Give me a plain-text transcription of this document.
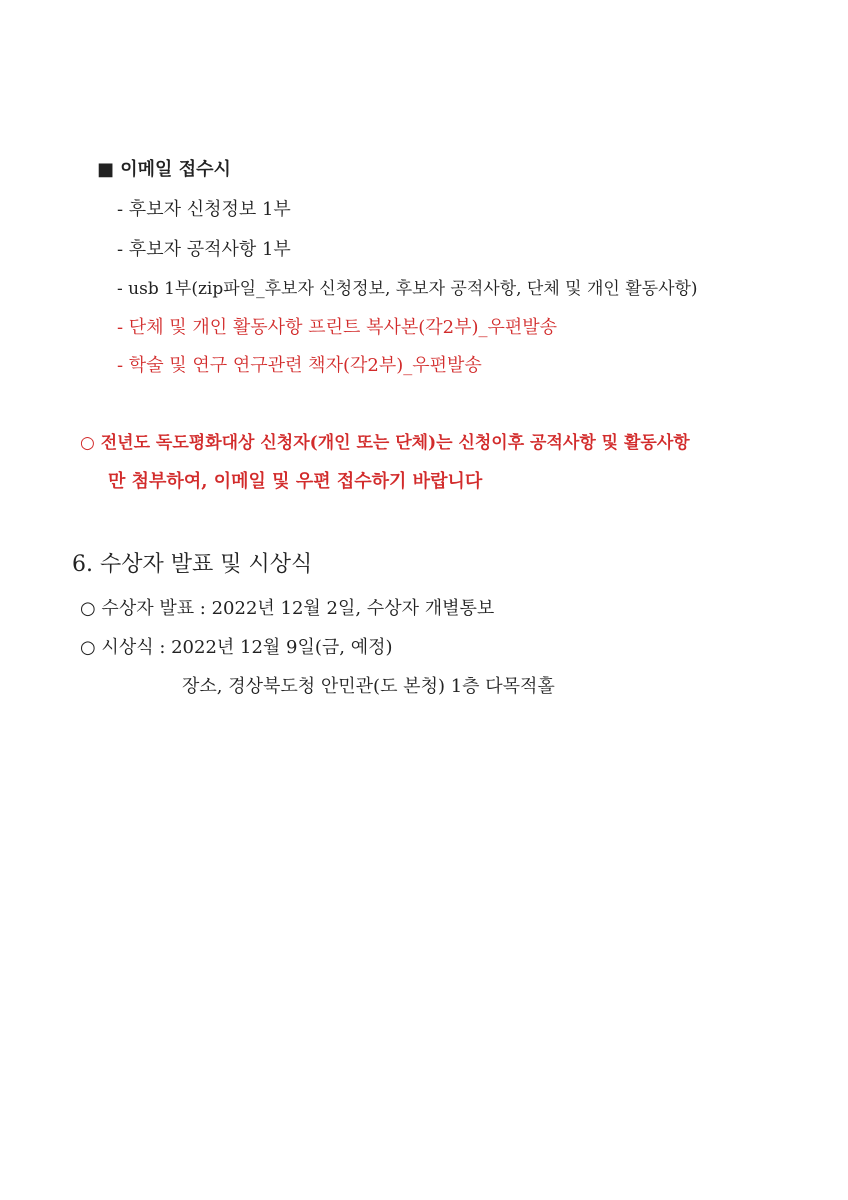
■ 이메일 접수시
- 후보자 신청정보 1부
- 후보자 공적사항 1부
- usb 1부(zip파일_후보자 신청정보, 후보자 공적사항, 단체 및 개인 활동사항)
- 단체 및 개인 활동사항 프린트 복사본(각2부)_우편발송
- 학술 및 연구 연구관련 책자(각2부)_우편발송
○ 전년도 독도평화대상 신청자(개인 또는 단체)는 신청이후 공적사항 및 활동사항
만 첨부하여, 이메일 및 우편 접수하기 바랍니다
6. 수상자 발표 및 시상식
○ 수상자 발표 : 2022년 12월 2일, 수상자 개별통보
○ 시상식 : 2022년 12월 9일(금, 예정)
장소, 경상북도청 안민관(도 본청) 1층 다목적홀
